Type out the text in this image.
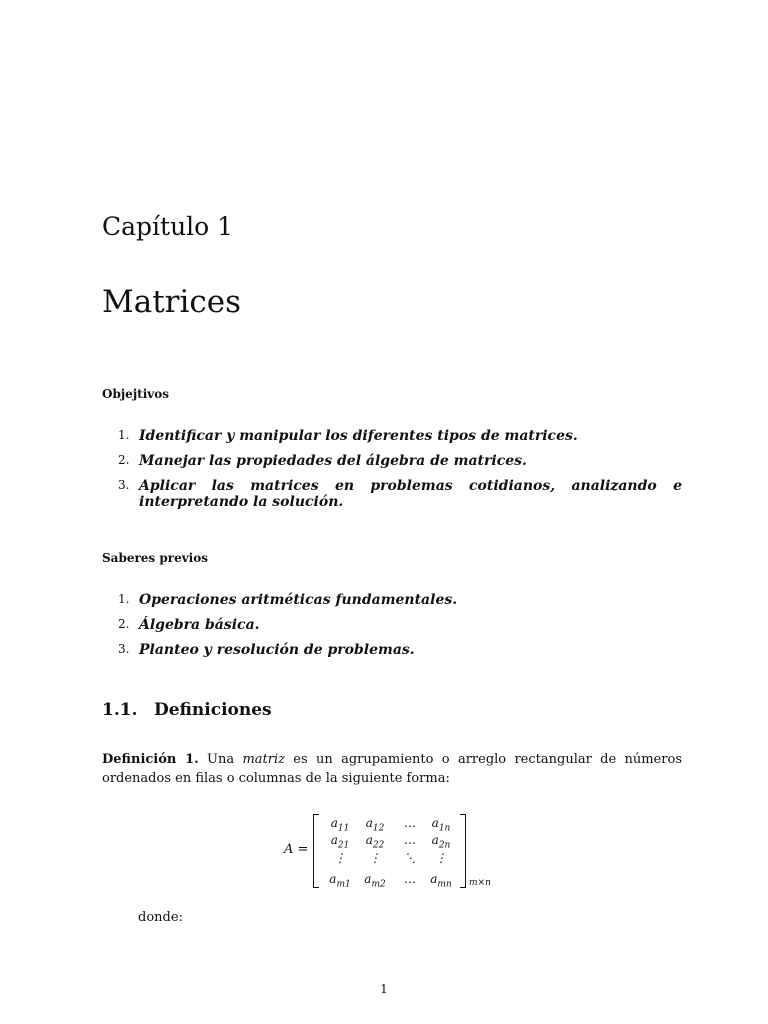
Capítulo 1
Matrices
Objejtivos
1. Identificar y manipular los diferentes tipos de matrices.
2. Manejar las propiedades del álgebra de matrices.
3. Aplicar las matrices en problemas cotidianos, analizando e interpretando la solución.
Saberes previos
1. Operaciones aritméticas fundamentales.
2. Álgebra básica.
3. Planteo y resolución de problemas.
1.1. Definiciones
Definición 1. Una matriz es un agrupamiento o arreglo rectangular de números ordenados en filas o columnas de la siguiente forma:
A =
$a_{11}$	$a_{12}$	…	$a_{1n}$
$a_{21}$	$a_{22}$	…	$a_{2n}$
⋮	⋮	⋱	⋮
$a_{m1}$	$a_{m2}$	…	$a_{mn}$	m×n
donde:
1
